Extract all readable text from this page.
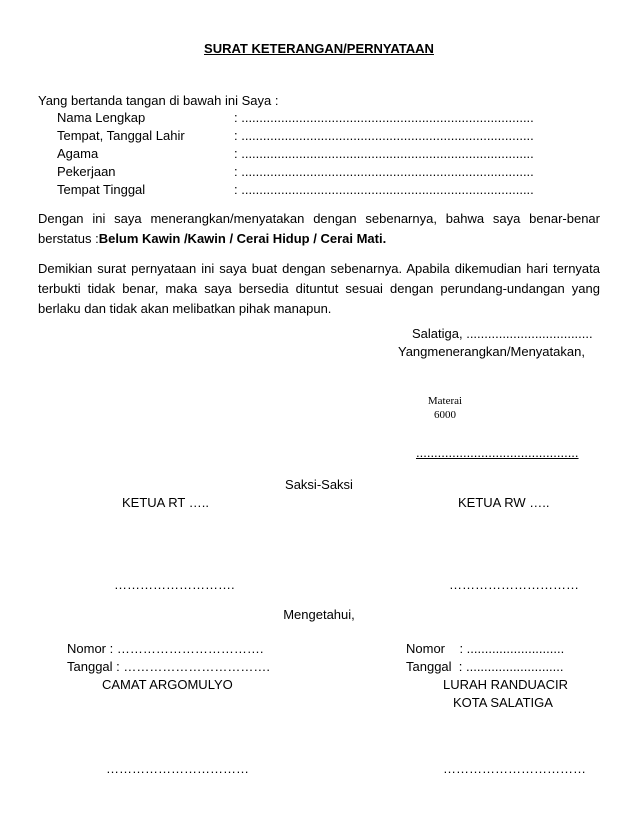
SURAT KETERANGAN/PERNYATAAN
Yang bertanda tangan di bawah ini Saya :
Nama Lengkap	: .................................................................................
Tempat, Tanggal Lahir	: .................................................................................
Agama	: .................................................................................
Pekerjaan	: .................................................................................
Tempat Tinggal	: .................................................................................
Dengan ini saya menerangkan/menyatakan dengan sebenarnya, bahwa saya benar-benar berstatus :Belum Kawin /Kawin / Cerai Hidup / Cerai Mati.
Demikian surat pernyataan ini saya buat dengan sebenarnya. Apabila dikemudian hari ternyata terbukti tidak benar, maka saya bersedia dituntut sesuai dengan perundang-undangan yang berlaku dan tidak akan melibatkan pihak manapun.
Salatiga, ...................................
Yangmenerangkan/Menyatakan,
Materai
6000
.............................................
Saksi-Saksi
KETUA RT …..	KETUA RW …..
……………………….	…………………………
Mengetahui,
Nomor : …………………………….
Tanggal : …………………………….
CAMAT ARGOMULYO
Nomor    : ...........................
Tanggal  : ...........................
LURAH RANDUACIR
KOTA SALATIGA
……………………………	……………………………
